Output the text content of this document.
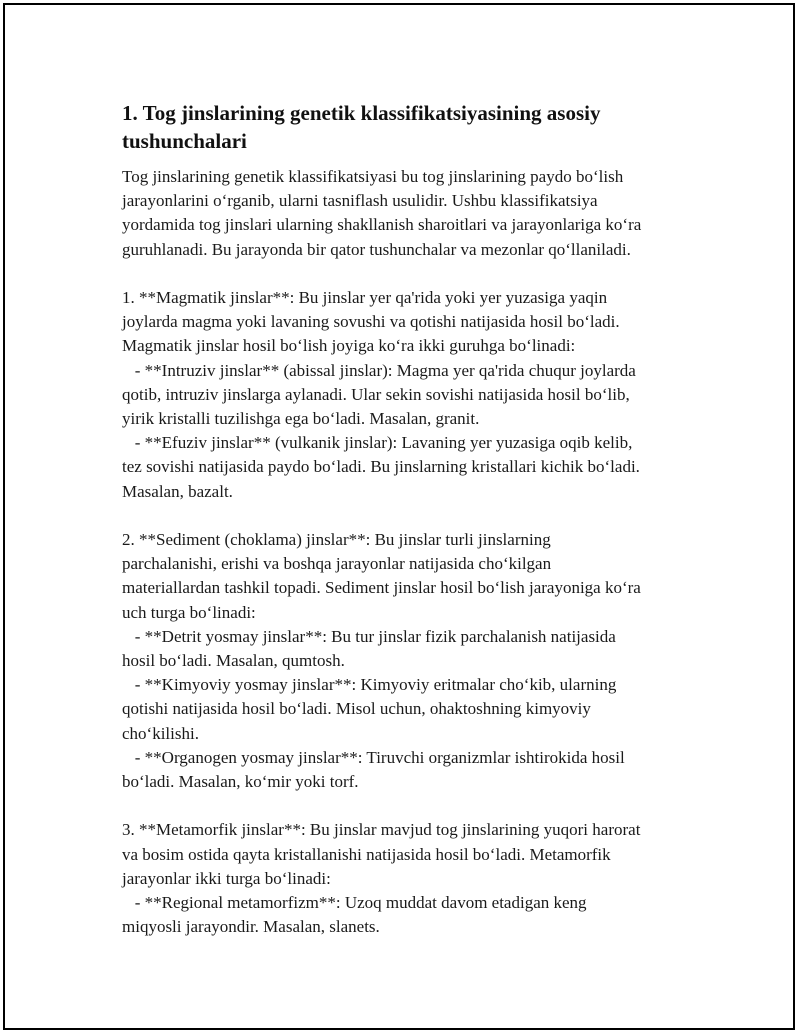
1. Tog jinslarining genetik klassifikatsiyasining asosiy
tushunchalari
Tog jinslarining genetik klassifikatsiyasi bu tog jinslarining paydo bo‘lish
jarayonlarini o‘rganib, ularni tasniflash usulidir. Ushbu klassifikatsiya
yordamida tog jinslari ularning shakllanish sharoitlari va jarayonlariga ko‘ra
guruhlanadi. Bu jarayonda bir qator tushunchalar va mezonlar qo‘llaniladi.
1. **Magmatik jinslar**: Bu jinslar yer qa'rida yoki yer yuzasiga yaqin
joylarda magma yoki lavaning sovushi va qotishi natijasida hosil bo‘ladi.
Magmatik jinslar hosil bo‘lish joyiga ko‘ra ikki guruhga bo‘linadi:
- **Intruziv jinslar** (abissal jinslar): Magma yer qa'rida chuqur joylarda
qotib, intruziv jinslarga aylanadi. Ular sekin sovishi natijasida hosil bo‘lib,
yirik kristalli tuzilishga ega bo‘ladi. Masalan, granit.
- **Efuziv jinslar** (vulkanik jinslar): Lavaning yer yuzasiga oqib kelib,
tez sovishi natijasida paydo bo‘ladi. Bu jinslarning kristallari kichik bo‘ladi.
Masalan, bazalt.
2. **Sediment (choklama) jinslar**: Bu jinslar turli jinslarning
parchalanishi, erishi va boshqa jarayonlar natijasida cho‘kilgan
materiallardan tashkil topadi. Sediment jinslar hosil bo‘lish jarayoniga ko‘ra
uch turga bo‘linadi:
- **Detrit yosmay jinslar**: Bu tur jinslar fizik parchalanish natijasida
hosil bo‘ladi. Masalan, qumtosh.
- **Kimyoviy yosmay jinslar**: Kimyoviy eritmalar cho‘kib, ularning
qotishi natijasida hosil bo‘ladi. Misol uchun, ohaktoshning kimyoviy
cho‘kilishi.
- **Organogen yosmay jinslar**: Tiruvchi organizmlar ishtirokida hosil
bo‘ladi. Masalan, ko‘mir yoki torf.
3. **Metamorfik jinslar**: Bu jinslar mavjud tog jinslarining yuqori harorat
va bosim ostida qayta kristallanishi natijasida hosil bo‘ladi. Metamorfik
jarayonlar ikki turga bo‘linadi:
- **Regional metamorfizm**: Uzoq muddat davom etadigan keng
miqyosli jarayondir. Masalan, slanets.
